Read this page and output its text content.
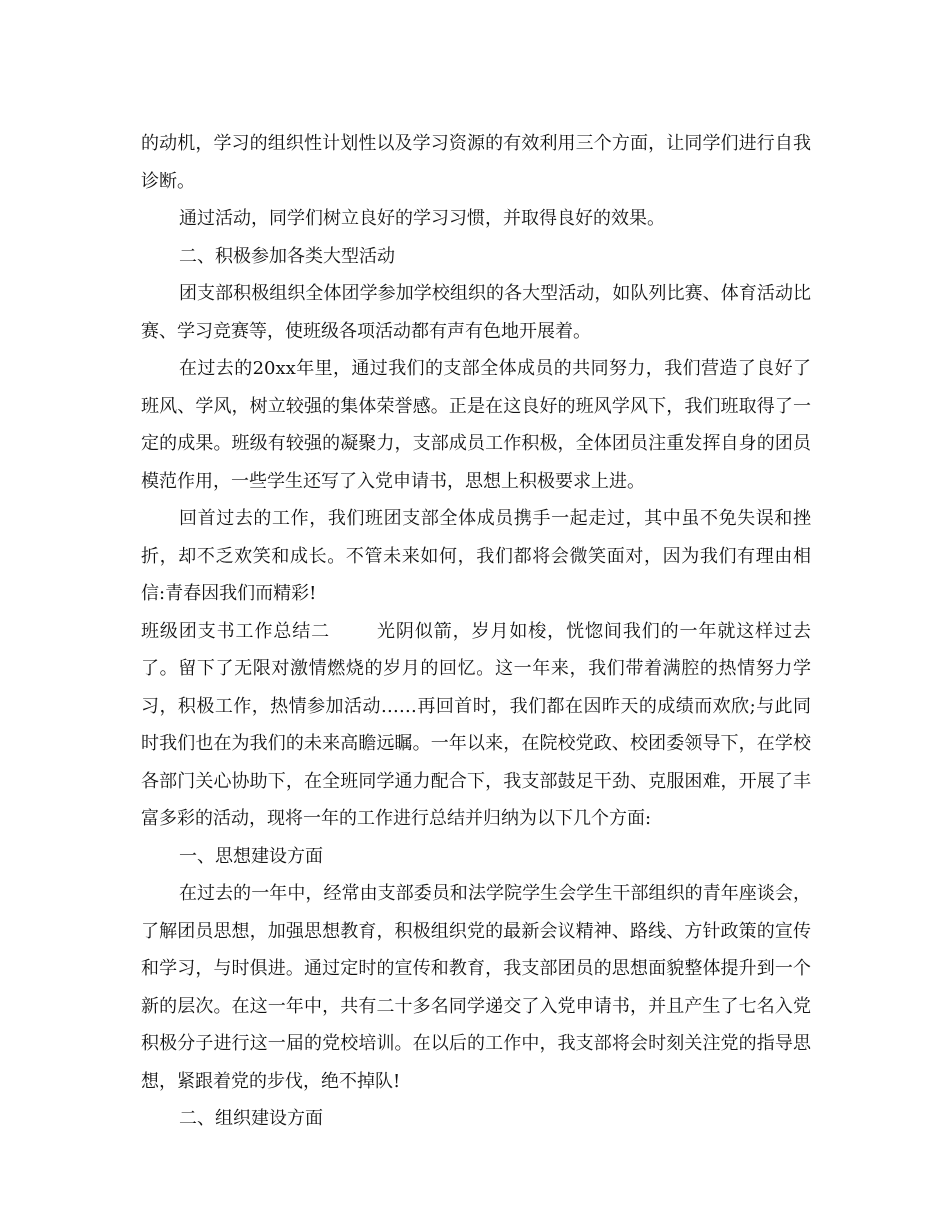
的动机，学习的组织性计划性以及学习资源的有效利用三个方面，让同学们进行自我诊断。

通过活动，同学们树立良好的学习习惯，并取得良好的效果。

二、积极参加各类大型活动

团支部积极组织全体团学参加学校组织的各大型活动，如队列比赛、体育活动比赛、学习竞赛等，使班级各项活动都有声有色地开展着。

在过去的20xx年里，通过我们的支部全体成员的共同努力，我们营造了良好了班风、学风，树立较强的集体荣誉感。正是在这良好的班风学风下，我们班取得了一定的成果。班级有较强的凝聚力，支部成员工作积极，全体团员注重发挥自身的团员模范作用，一些学生还写了入党申请书，思想上积极要求上进。

回首过去的工作，我们班团支部全体成员携手一起走过，其中虽不免失误和挫折，却不乏欢笑和成长。不管未来如何，我们都将会微笑面对，因为我们有理由相信:青春因我们而精彩!

班级团支书工作总结二	光阴似箭，岁月如梭，恍惚间我们的一年就这样过去了。留下了无限对激情燃烧的岁月的回忆。这一年来，我们带着满腔的热情努力学习，积极工作，热情参加活动……再回首时，我们都在因昨天的成绩而欢欣;与此同时我们也在为我们的未来高瞻远瞩。一年以来，在院校党政、校团委领导下，在学校各部门关心协助下，在全班同学通力配合下，我支部鼓足干劲、克服困难，开展了丰富多彩的活动，现将一年的工作进行总结并归纳为以下几个方面:

一、思想建设方面

在过去的一年中，经常由支部委员和法学院学生会学生干部组织的青年座谈会，了解团员思想，加强思想教育，积极组织党的最新会议精神、路线、方针政策的宣传和学习，与时俱进。通过定时的宣传和教育，我支部团员的思想面貌整体提升到一个新的层次。在这一年中，共有二十多名同学递交了入党申请书，并且产生了七名入党积极分子进行这一届的党校培训。在以后的工作中，我支部将会时刻关注党的指导思想，紧跟着党的步伐，绝不掉队!

二、组织建设方面
